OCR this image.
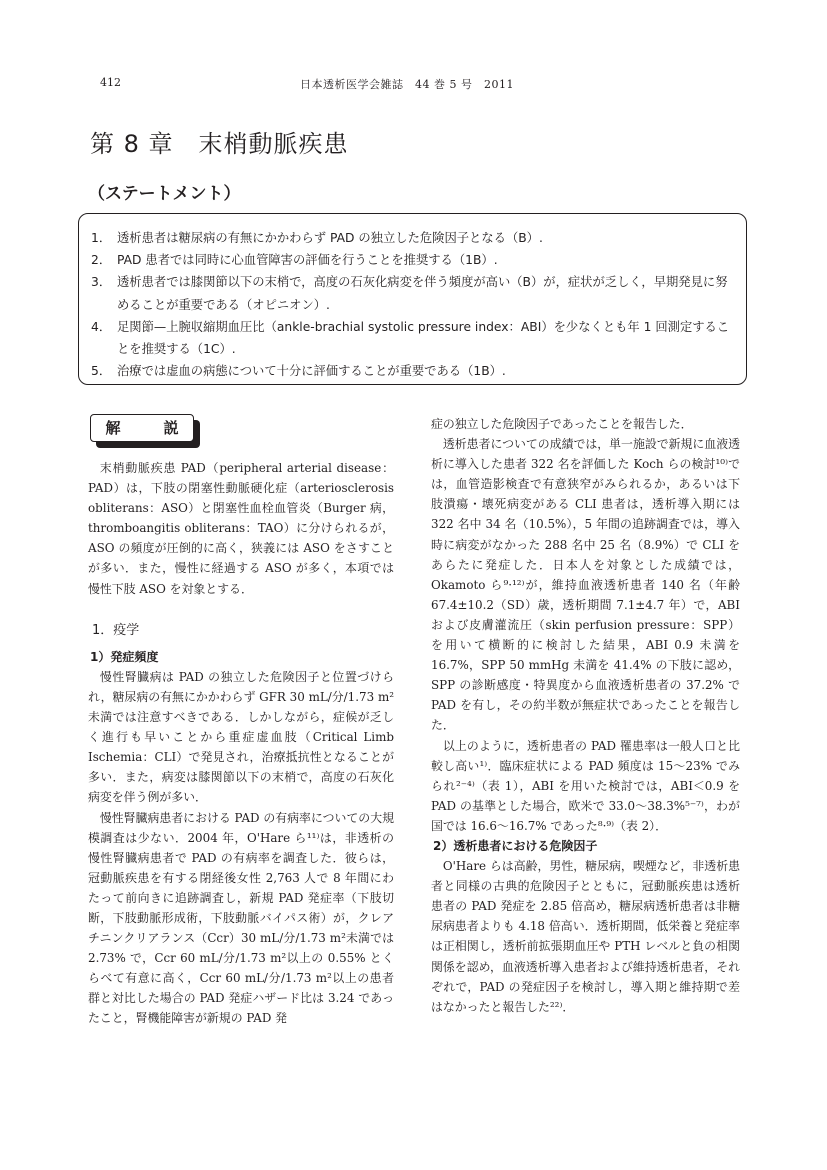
412	日本透析医学会雑誌　44 巻 5 号　2011
第 8 章　末梢動脈疾患
（ステートメント）
1． 透析患者は糖尿病の有無にかかわらず PAD の独立した危険因子となる（B）.
2． PAD 患者では同時に心血管障害の評価を行うことを推奨する（1B）.
3． 透析患者では膝関節以下の末梢で，高度の石灰化病変を伴う頻度が高い（B）が，症状が乏しく，早期発見に努めることが重要である（オピニオン）.
4． 足関節—上腕収縮期血圧比（ankle-brachial systolic pressure index：ABI）を少なくとも年 1 回測定することを推奨する（1C）.
5． 治療では虚血の病態について十分に評価することが重要である（1B）.
解　説

末梢動脈疾患 PAD（peripheral arterial disease：PAD）は，下肢の閉塞性動脈硬化症（arteriosclerosis obliterans：ASO）と閉塞性血栓血管炎（Burger 病，thromboangitis obliterans：TAO）に分けられるが，ASO の頻度が圧倒的に高く，狭義には ASO をさすことが多い．また，慢性に経過する ASO が多く，本項では慢性下肢 ASO を対象とする．

1．疫学
1）発症頻度

慢性腎臓病は PAD の独立した危険因子と位置づけられ，糖尿病の有無にかかわらず GFR 30 mL/分/1.73 m²未満では注意すべきである．しかしながら，症候が乏しく進行も早いことから重症虚血肢（Critical Limb Ischemia：CLI）で発見され，治療抵抗性となることが多い．また，病変は膝関節以下の末梢で，高度の石灰化病変を伴う例が多い．

慢性腎臓病患者における PAD の有病率についての大規模調査は少ない．2004 年，O'Hare ら¹¹⁾は，非透析の慢性腎臓病患者で PAD の有病率を調査した．彼らは，冠動脈疾患を有する閉経後女性 2,763 人で 8 年間にわたって前向きに追跡調査し，新規 PAD 発症率（下肢切断，下肢動脈形成術，下肢動脈バイパス術）が，クレアチニンクリアランス（Ccr）30 mL/分/1.73 m²未満では 2.73% で，Ccr 60 mL/分/1.73 m²以上の 0.55% とくらべて有意に高く，Ccr 60 mL/分/1.73 m²以上の患者群と対比した場合の PAD 発症ハザード比は 3.24 であったこと，腎機能障害が新規の PAD 発

症の独立した危険因子であったことを報告した．

透析患者についての成績では，単一施設で新規に血液透析に導入した患者 322 名を評価した Koch らの検討¹⁰⁾では，血管造影検査で有意狭窄がみられるか，あるいは下肢潰瘍・壊死病変がある CLI 患者は，透析導入期には 322 名中 34 名（10.5%），5 年間の追跡調査では，導入時に病変がなかった 288 名中 25 名（8.9%）で CLI をあらたに発症した．日本人を対象とした成績では，Okamoto ら⁹·¹²⁾が，維持血液透析患者 140 名（年齢 67.4±10.2（SD）歳，透析期間 7.1±4.7 年）で，ABI および皮膚灌流圧（skin perfusion pressure：SPP）を用いて横断的に検討した結果，ABI 0.9 未満を 16.7%，SPP 50 mmHg 未満を 41.4% の下肢に認め，SPP の診断感度・特異度から血液透析患者の 37.2% で PAD を有し，その約半数が無症状であったことを報告した．

以上のように，透析患者の PAD 罹患率は一般人口と比較し高い¹⁾．臨床症状による PAD 頻度は 15～23% でみられ²⁻⁴⁾（表 1），ABI を用いた検討では，ABI＜0.9 を PAD の基準とした場合，欧米で 33.0～38.3%⁵⁻⁷⁾，わが国では 16.6～16.7% であった⁸·⁹⁾（表 2）．

2）透析患者における危険因子

O'Hare らは高齢，男性，糖尿病，喫煙など，非透析患者と同様の古典的危険因子とともに，冠動脈疾患は透析患者の PAD 発症を 2.85 倍高め，糖尿病透析患者は非糖尿病患者よりも 4.18 倍高い．透析期間，低栄養と発症率は正相関し，透析前拡張期血圧や PTH レベルと負の相関関係を認め，血液透析導入患者および維持透析患者，それぞれで，PAD の発症因子を検討し，導入期と維持期で差はなかったと報告した²²⁾．
